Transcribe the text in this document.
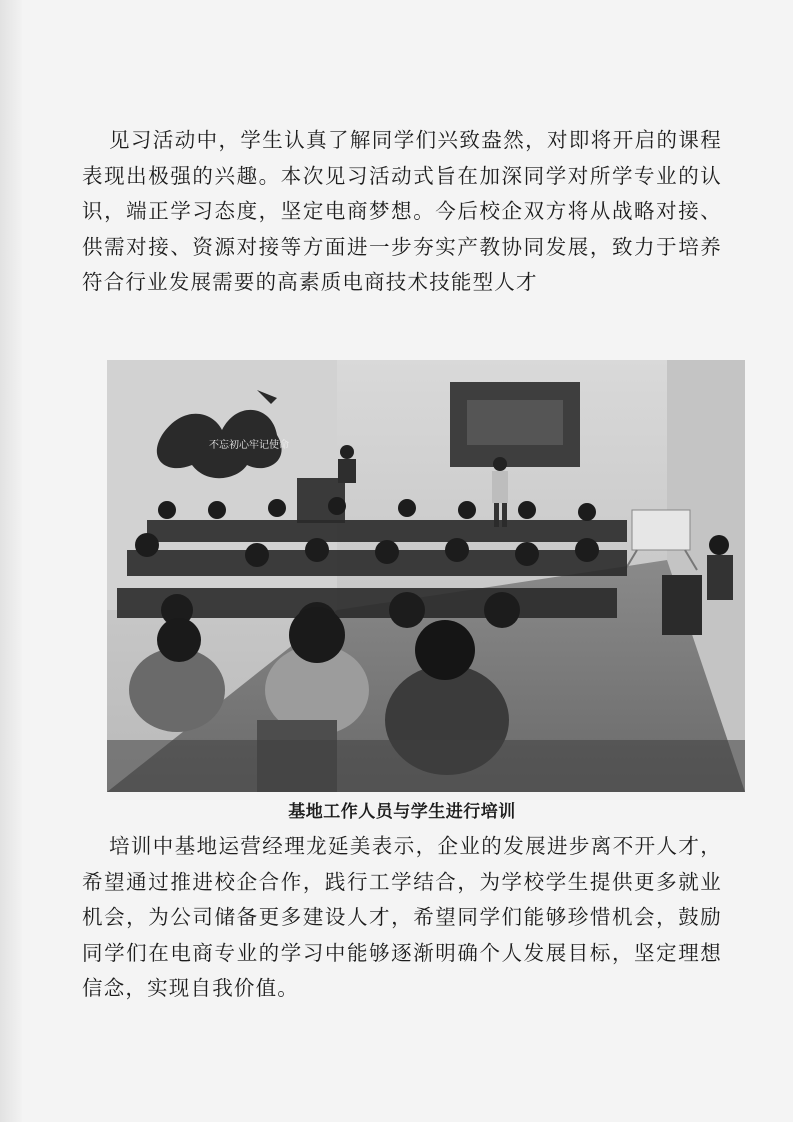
见习活动中，学生认真了解同学们兴致盎然，对即将开启的课程表现出极强的兴趣。本次见习活动式旨在加深同学对所学专业的认识，端正学习态度，坚定电商梦想。今后校企双方将从战略对接、供需对接、资源对接等方面进一步夯实产教协同发展，致力于培养符合行业发展需要的高素质电商技术技能型人才

不忘初心牢记使命
基地工作人员与学生进行培训

培训中基地运营经理龙延美表示，企业的发展进步离不开人才，希望通过推进校企合作，践行工学结合，为学校学生提供更多就业机会，为公司储备更多建设人才，希望同学们能够珍惜机会，鼓励同学们在电商专业的学习中能够逐渐明确个人发展目标，坚定理想信念，实现自我价值。
